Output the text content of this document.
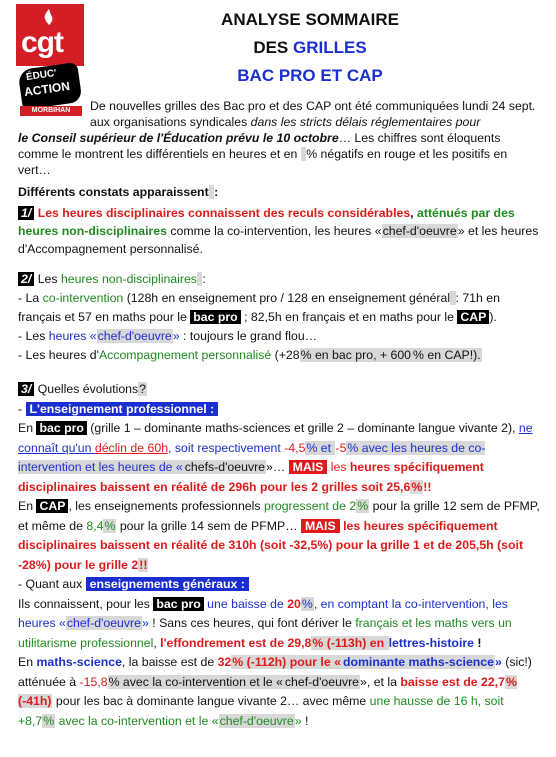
cgt
ÉDUC'
ACTION
MORBIHAN
ANALYSE SOMMAIRE
DES GRILLES
BAC PRO ET CAP
De nouvelles grilles des Bac pro et des CAP ont été communiquées lundi 24 sept. aux organisations syndicales dans les stricts délais réglementaires pour
le Conseil supérieur de l'Éducation prévu le 10 octobre… Les chiffres sont éloquents comme le montrent les différentiels en heures et en  % négatifs en rouge et les positifs en vert…
Différents constats apparaissent :
1/ Les heures disciplinaires connaissent des reculs considérables, atténués par des heures non-disciplinaires comme la co-intervention, les heures «chef-d'oeuvre» et les heures d'Accompagnement personnalisé.

2/ Les heures non-disciplinaires :

- La co-intervention (128h en enseignement pro / 128 en enseignement général : 71h en français et 57 en maths pour le bac pro ; 82,5h en français et en maths pour le CAP ).

- Les heures «chef-d'oeuvre» : toujours le grand flou…

- Les heures d'Accompagnement personnalisé (+28% en bac pro, + 600 % en CAP!).

3/ Quelles évolutions?

- L'enseignement professionnel :

En bac pro (grille 1 – dominante maths-sciences et grille 2 – dominante langue vivante 2), ne connaît qu'un déclin de 60h, soit respectivement -4,5% et -5% avec les heures de co-intervention et les heures de « chefs-d'oeuvre»… MAIS les heures spécifiquement disciplinaires baissent en réalité de 296h pour les 2 grilles soit 25,6%!!

En CAP , les enseignements professionnels progressent de 2% pour la grille 12 sem de PFMP, et même de 8,4% pour la grille 14 sem de PFMP… MAIS les heures spécifiquement disciplinaires baissent en réalité de 310h (soit -32,5%) pour la grille 1 et de 205,5h (soit -28%) pour le grille 2!!

- Quant aux enseignements généraux :

Ils connaissent, pour les bac pro une baisse de 20%, en comptant la co-intervention, les heures «chef-d'oeuvre» ! Sans ces heures, qui font dériver le français et les maths vers un utilitarisme professionnel, l'effondrement est de 29,8% (-113h) en lettres-histoire !

En maths-science, la baisse est de 32% (-112h) pour le « dominante maths-science» (sic!) atténuée à -15,8% avec la co-intervention et le « chef-d'oeuvre», et la baisse est de 22,7% (-41h) pour les bac à dominante langue vivante 2… avec même une hausse de 16 h, soit +8,7% avec la co-intervention et le «chef-d'oeuvre» !
